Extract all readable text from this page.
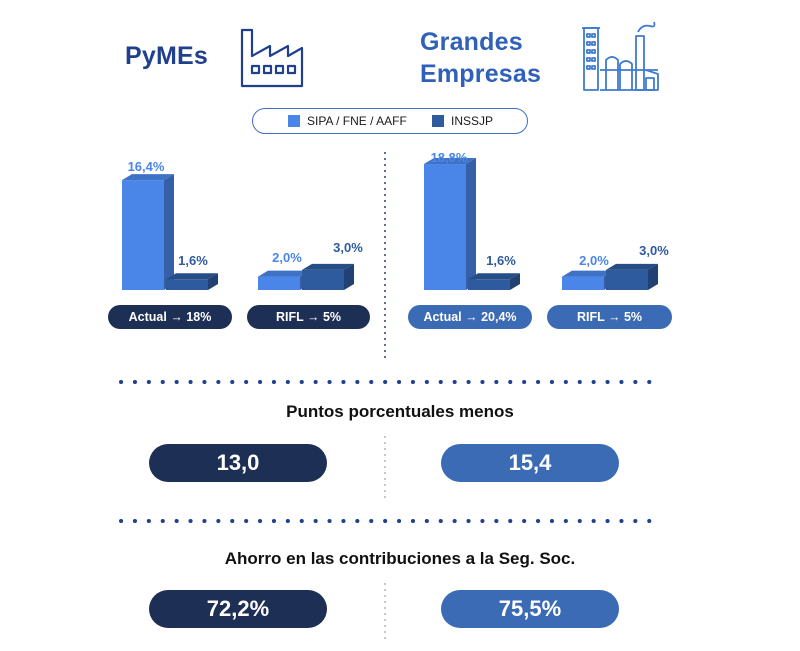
PyMEs	Grandes
Empresas
SIPA / FNE / AAFF	INSSJP
16,4%
1,6%	2,0%
3,0%
18,8%
1,6%	2,0%
3,0%
Actual → 18%	RIFL → 5%	Actual → 20,4%	RIFL → 5%
Puntos porcentuales menos
13,0	15,4
Ahorro en las contribuciones a la Seg. Soc.
72,2%	75,5%
